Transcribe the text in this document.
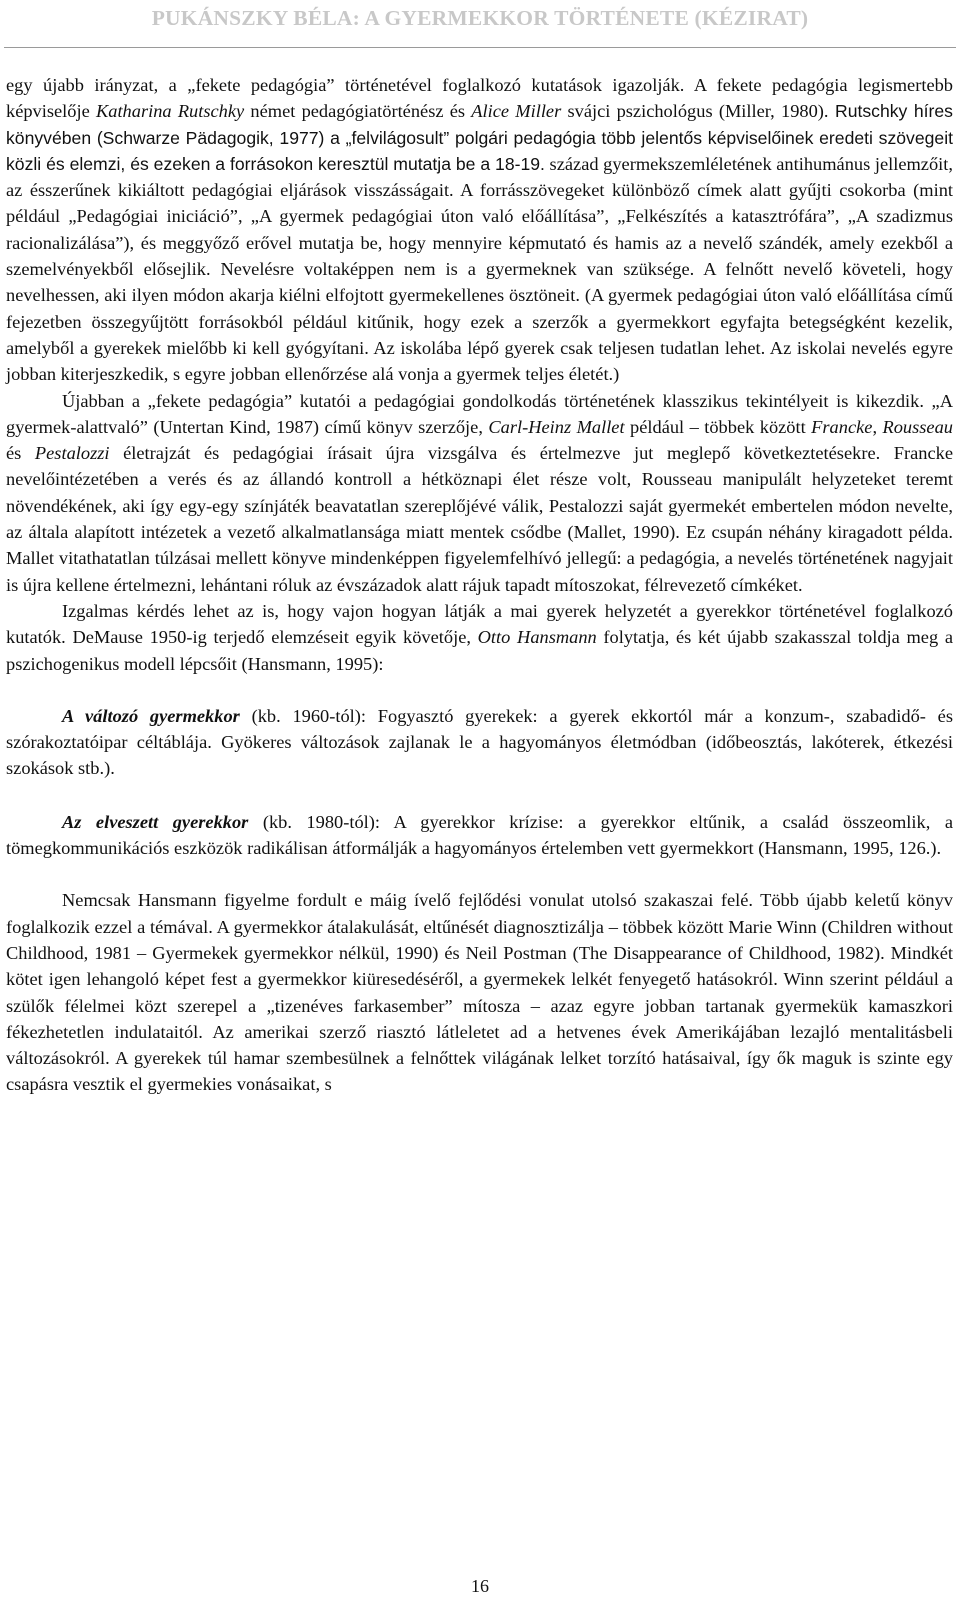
PUKÁNSZKY BÉLA: A GYERMEKKOR TÖRTÉNETE (KÉZIRAT)

egy újabb irányzat, a „fekete pedagógia” történetével foglalkozó kutatások igazolják. A fekete pedagógia legismertebb képviselője Katharina Rutschky német pedagógiatörténész és Alice Miller svájci pszichológus (Miller, 1980). Rutschky híres könyvében (Schwarze Pädagogik, 1977) a „felvilágosult” polgári pedagógia több jelentős képviselőinek eredeti szövegeit közli és elemzi, és ezeken a forrásokon keresztül mutatja be a 18-19. század gyermekszemléletének antihumánus jellemzőit, az ésszerűnek kikiáltott pedagógiai eljárások visszásságait. A forrásszövegeket különböző címek alatt gyűjti csokorba (mint például „Pedagógiai iniciáció”, „A gyermek pedagógiai úton való előállítása”, „Felkészítés a katasztrófára”, „A szadizmus racionalizálása”), és meggyőző erővel mutatja be, hogy mennyire képmutató és hamis az a nevelő szándék, amely ezekből a szemelvényekből elősejlik. Nevelésre voltaképpen nem is a gyermeknek van szüksége. A felnőtt nevelő követeli, hogy nevelhessen, aki ilyen módon akarja kiélni elfojtott gyermekellenes ösztöneit. (A gyermek pedagógiai úton való előállítása című fejezetben összegyűjtött forrásokból például kitűnik, hogy ezek a szerzők a gyermekkort egyfajta betegségként kezelik, amelyből a gyerekek mielőbb ki kell gyógyítani. Az iskolába lépő gyerek csak teljesen tudatlan lehet. Az iskolai nevelés egyre jobban kiterjeszkedik, s egyre jobban ellenőrzése alá vonja a gyermek teljes életét.)

Újabban a „fekete pedagógia” kutatói a pedagógiai gondolkodás történetének klasszikus tekintélyeit is kikezdik. „A gyermek-alattvaló” (Untertan Kind, 1987) című könyv szerzője, Carl-Heinz Mallet például – többek között Francke, Rousseau és Pestalozzi életrajzát és pedagógiai írásait újra vizsgálva és értelmezve jut meglepő következtetésekre. Francke nevelőintézetében a verés és az állandó kontroll a hétköznapi élet része volt, Rousseau manipulált helyzeteket teremt növendékének, aki így egy-egy színjáték beavatatlan szereplőjévé válik, Pestalozzi saját gyermekét embertelen módon nevelte, az általa alapított intézetek a vezető alkalmatlansága miatt mentek csődbe (Mallet, 1990). Ez csupán néhány kiragadott példa. Mallet vitathatatlan túlzásai mellett könyve mindenképpen figyelemfelhívó jellegű: a pedagógia, a nevelés történetének nagyjait is újra kellene értelmezni, lehántani róluk az évszázadok alatt rájuk tapadt mítoszokat, félrevezető címkéket.

Izgalmas kérdés lehet az is, hogy vajon hogyan látják a mai gyerek helyzetét a gyerekkor történetével foglalkozó kutatók. DeMause 1950-ig terjedő elemzéseit egyik követője, Otto Hansmann folytatja, és két újabb szakasszal toldja meg a pszichogenikus modell lépcsőit (Hansmann, 1995):

A változó gyermekkor (kb. 1960-tól): Fogyasztó gyerekek: a gyerek ekkortól már a konzum-, szabadidő- és szórakoztatóipar céltáblája. Gyökeres változások zajlanak le a hagyományos életmódban (időbeosztás, lakóterek, étkezési szokások stb.).

Az elveszett gyerekkor (kb. 1980-tól): A gyerekkor krízise: a gyerekkor eltűnik, a család összeomlik, a tömegkommunikációs eszközök radikálisan átformálják a hagyományos értelemben vett gyermekkort (Hansmann, 1995, 126.).

Nemcsak Hansmann figyelme fordult e máig ívelő fejlődési vonulat utolsó szakaszai felé. Több újabb keletű könyv foglalkozik ezzel a témával. A gyermekkor átalakulását, eltűnését diagnosztizálja – többek között Marie Winn (Children without Childhood, 1981 – Gyermekek gyermekkor nélkül, 1990) és Neil Postman (The Disappearance of Childhood, 1982). Mindkét kötet igen lehangoló képet fest a gyermekkor kiüresedéséről, a gyermekek lelkét fenyegető hatásokról. Winn szerint például a szülők félelmei közt szerepel a „tizenéves farkasember” mítosza – azaz egyre jobban tartanak gyermekük kamaszkori fékezhetetlen indulataitól. Az amerikai szerző riasztó látleletet ad a hetvenes évek Amerikájában lezajló mentalitásbeli változásokról. A gyerekek túl hamar szembesülnek a felnőttek világának lelket torzító hatásaival, így ők maguk is szinte egy csapásra vesztik el gyermekies vonásaikat, s

16
